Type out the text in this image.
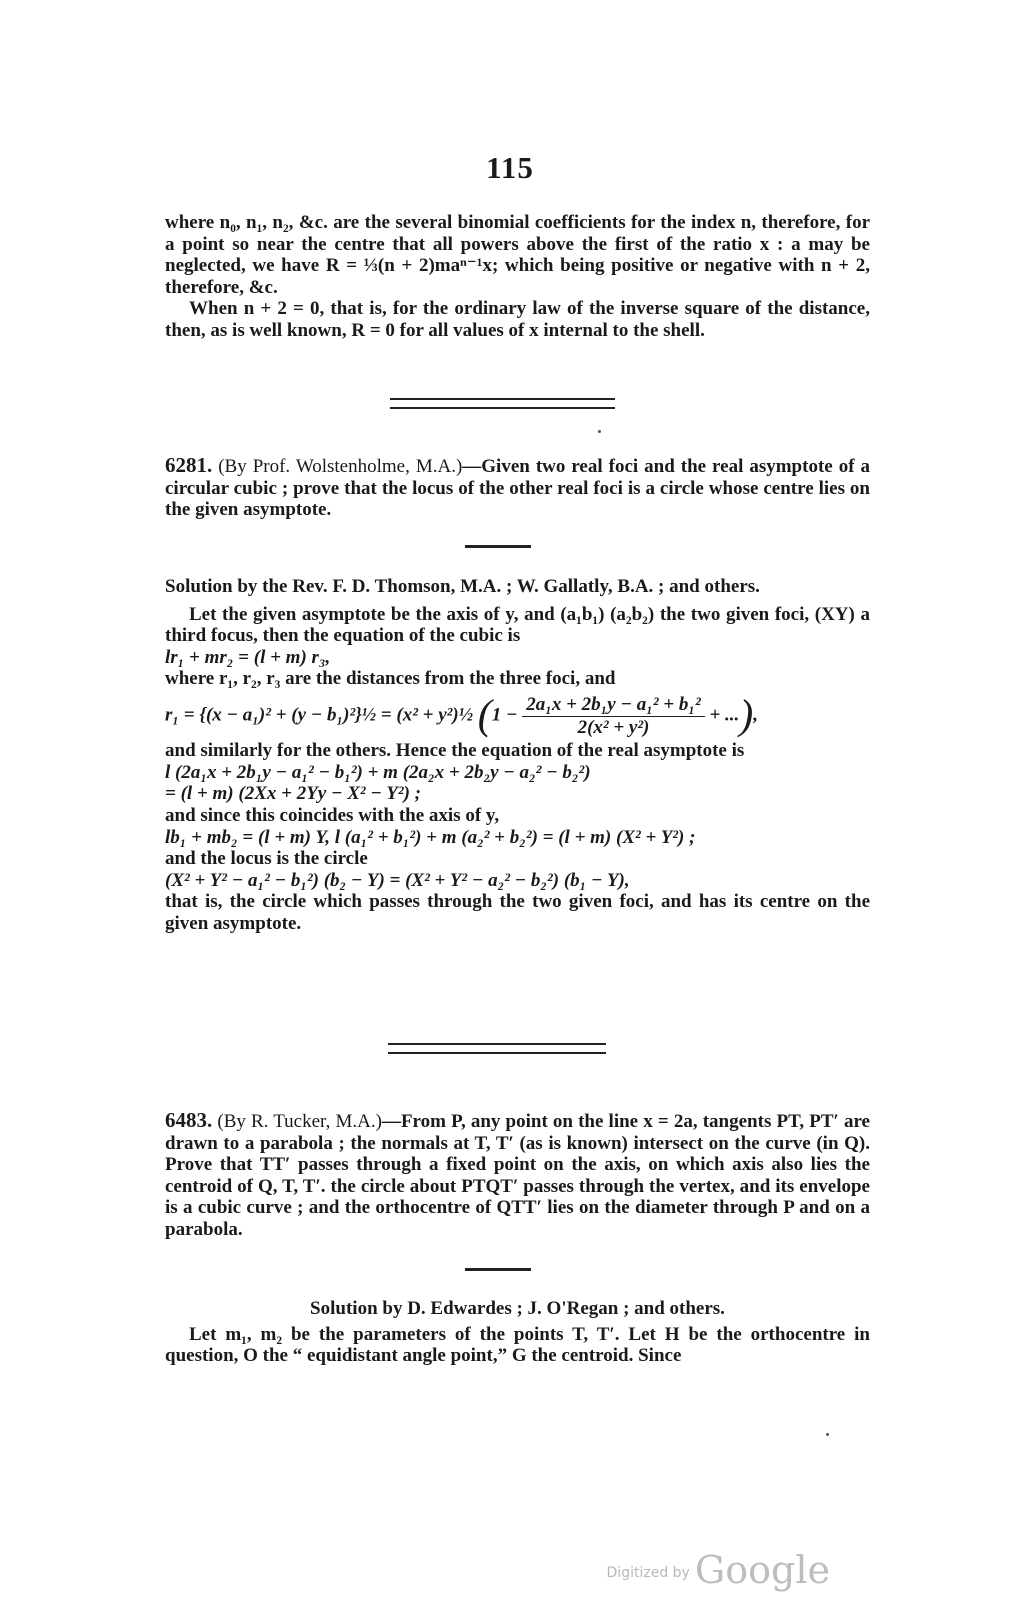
115

where n₀, n₁, n₂, &c. are the several binomial coefficients for the index n, therefore, for a point so near the centre that all powers above the first of the ratio x : a may be neglected, we have R = ⅓(n + 2)maⁿ⁻¹x; which being positive or negative with n + 2, therefore, &c.

When n + 2 = 0, that is, for the ordinary law of the inverse square of the distance, then, as is well known, R = 0 for all values of x internal to the shell.

6281. (By Prof. Wolstenholme, M.A.)—Given two real foci and the real asymptote of a circular cubic ; prove that the locus of the other real foci is a circle whose centre lies on the given asymptote.

Solution by the Rev. F. D. Thomson, M.A. ; W. Gallatly, B.A. ; and others.

Let the given asymptote be the axis of y, and (a₁b₁) (a₂b₂) the two given foci, (XY) a third focus, then the equation of the cubic is

lr₁ + mr₂ = (l + m) r₃,

where r₁, r₂, r₃ are the distances from the three foci, and

r₁ = {(x − a₁)² + (y − b₁)²}½ = (x² + y²)½ ($1 - \frac{\text{2a₁x + 2b₁y − a₁² + b₁²}}{\text{2(x² + y²)}}$ + ...),

and similarly for the others. Hence the equation of the real asymptote is

l (2a₁x + 2b₁y − a₁² − b₁²) + m (2a₂x + 2b₂y − a₂² − b₂²)

= (l + m) (2Xx + 2Yy − X² − Y²) ;

and since this coincides with the axis of y,

lb₁ + mb₂ = (l + m) Y, l (a₁² + b₁²) + m (a₂² + b₂²) = (l + m) (X² + Y²) ;

and the locus is the circle

(X² + Y² − a₁² − b₁²) (b₂ − Y) = (X² + Y² − a₂² − b₂²) (b₁ − Y),

that is, the circle which passes through the two given foci, and has its centre on the given asymptote.

6483. (By R. Tucker, M.A.)—From P, any point on the line x = 2a, tangents PT, PT′ are drawn to a parabola ; the normals at T, T′ (as is known) intersect on the curve (in Q). Prove that TT′ passes through a fixed point on the axis, on which axis also lies the centroid of Q, T, T′. the circle about PTQT′ passes through the vertex, and its envelope is a cubic curve ; and the orthocentre of QTT′ lies on the diameter through P and on a parabola.

Solution by D. Edwardes ; J. O'Regan ; and others.

Let m₁, m₂ be the parameters of the points T, T′. Let H be the orthocentre in question, O the “ equidistant angle point,” G the centroid. Since

Digitized by Google
